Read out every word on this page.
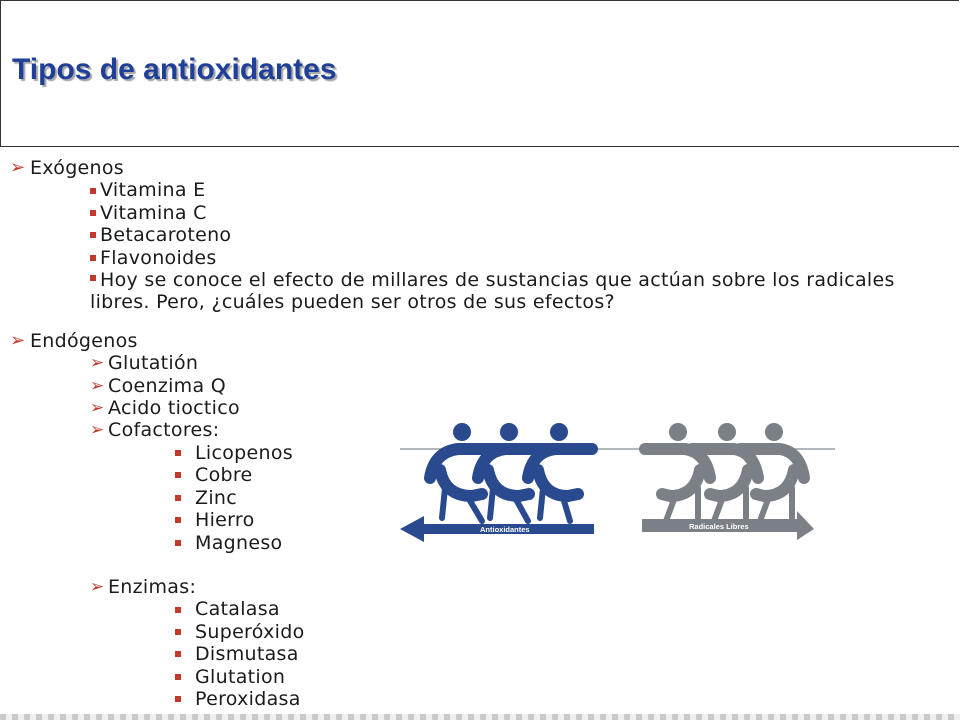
Tipos de antioxidantes
➢ Exógenos
Vitamina E
Vitamina C
Betacaroteno
Flavonoides
Hoy se conoce el efecto de millares de sustancias que actúan sobre los radicales libres. Pero, ¿cuáles pueden ser otros de sus efectos?
➢ Endógenos
➢ Glutatión
➢ Coenzima Q
➢ Acido tioctico
➢ Cofactores:
Licopenos
Cobre
Zinc
Hierro
Magneso
➢ Enzimas:
Catalasa
Superóxido
Dismutasa
Glutation
Peroxidasa
Antioxidantes	Radicales Libres
